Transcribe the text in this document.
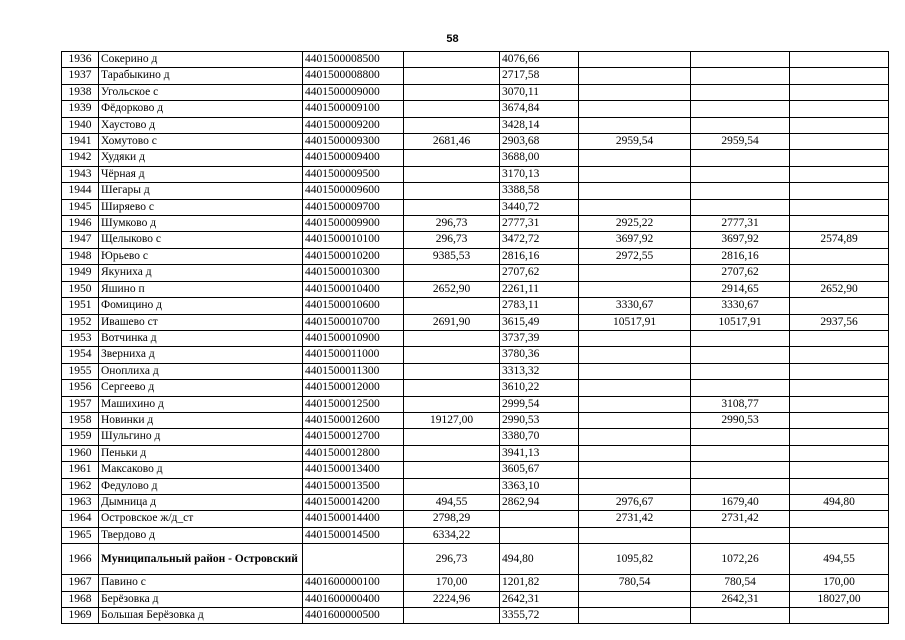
58
1936	Сокерино д	4401500008500		4076,66			
1937	Тарабыкино д	4401500008800		2717,58			
1938	Угольское с	4401500009000		3070,11			
1939	Фёдорково д	4401500009100		3674,84			
1940	Хаустово д	4401500009200		3428,14			
1941	Хомутово с	4401500009300	2681,46	2903,68	2959,54	2959,54	
1942	Худяки д	4401500009400		3688,00			
1943	Чёрная д	4401500009500		3170,13			
1944	Шегары д	4401500009600		3388,58			
1945	Ширяево с	4401500009700		3440,72			
1946	Шумково д	4401500009900	296,73	2777,31	2925,22	2777,31	
1947	Щелыково с	4401500010100	296,73	3472,72	3697,92	3697,92	2574,89
1948	Юрьево с	4401500010200	9385,53	2816,16	2972,55	2816,16	
1949	Якуниха д	4401500010300		2707,62		2707,62	
1950	Яшино п	4401500010400	2652,90	2261,11		2914,65	2652,90
1951	Фомицино д	4401500010600		2783,11	3330,67	3330,67	
1952	Ивашево ст	4401500010700	2691,90	3615,49	10517,91	10517,91	2937,56
1953	Вотчинка д	4401500010900		3737,39			
1954	Зверниха д	4401500011000		3780,36			
1955	Оноплиха д	4401500011300		3313,32			
1956	Сергеево д	4401500012000		3610,22			
1957	Машихино д	4401500012500		2999,54		3108,77	
1958	Новинки д	4401500012600	19127,00	2990,53		2990,53	
1959	Шульгино д	4401500012700		3380,70			
1960	Пеньки д	4401500012800		3941,13			
1961	Максаково д	4401500013400		3605,67			
1962	Федулово д	4401500013500		3363,10			
1963	Дымница д	4401500014200	494,55	2862,94	2976,67	1679,40	494,80
1964	Островское ж/д_ст	4401500014400	2798,29		2731,42	2731,42	
1965	Твердово д	4401500014500	6334,22				
1966	Муниципальный район - Островский		296,73	494,80	1095,82	1072,26	494,55
1967	Павино с	4401600000100	170,00	1201,82	780,54	780,54	170,00
1968	Берёзовка д	4401600000400	2224,96	2642,31		2642,31	18027,00
1969	Большая Берёзовка д	4401600000500		3355,72			
